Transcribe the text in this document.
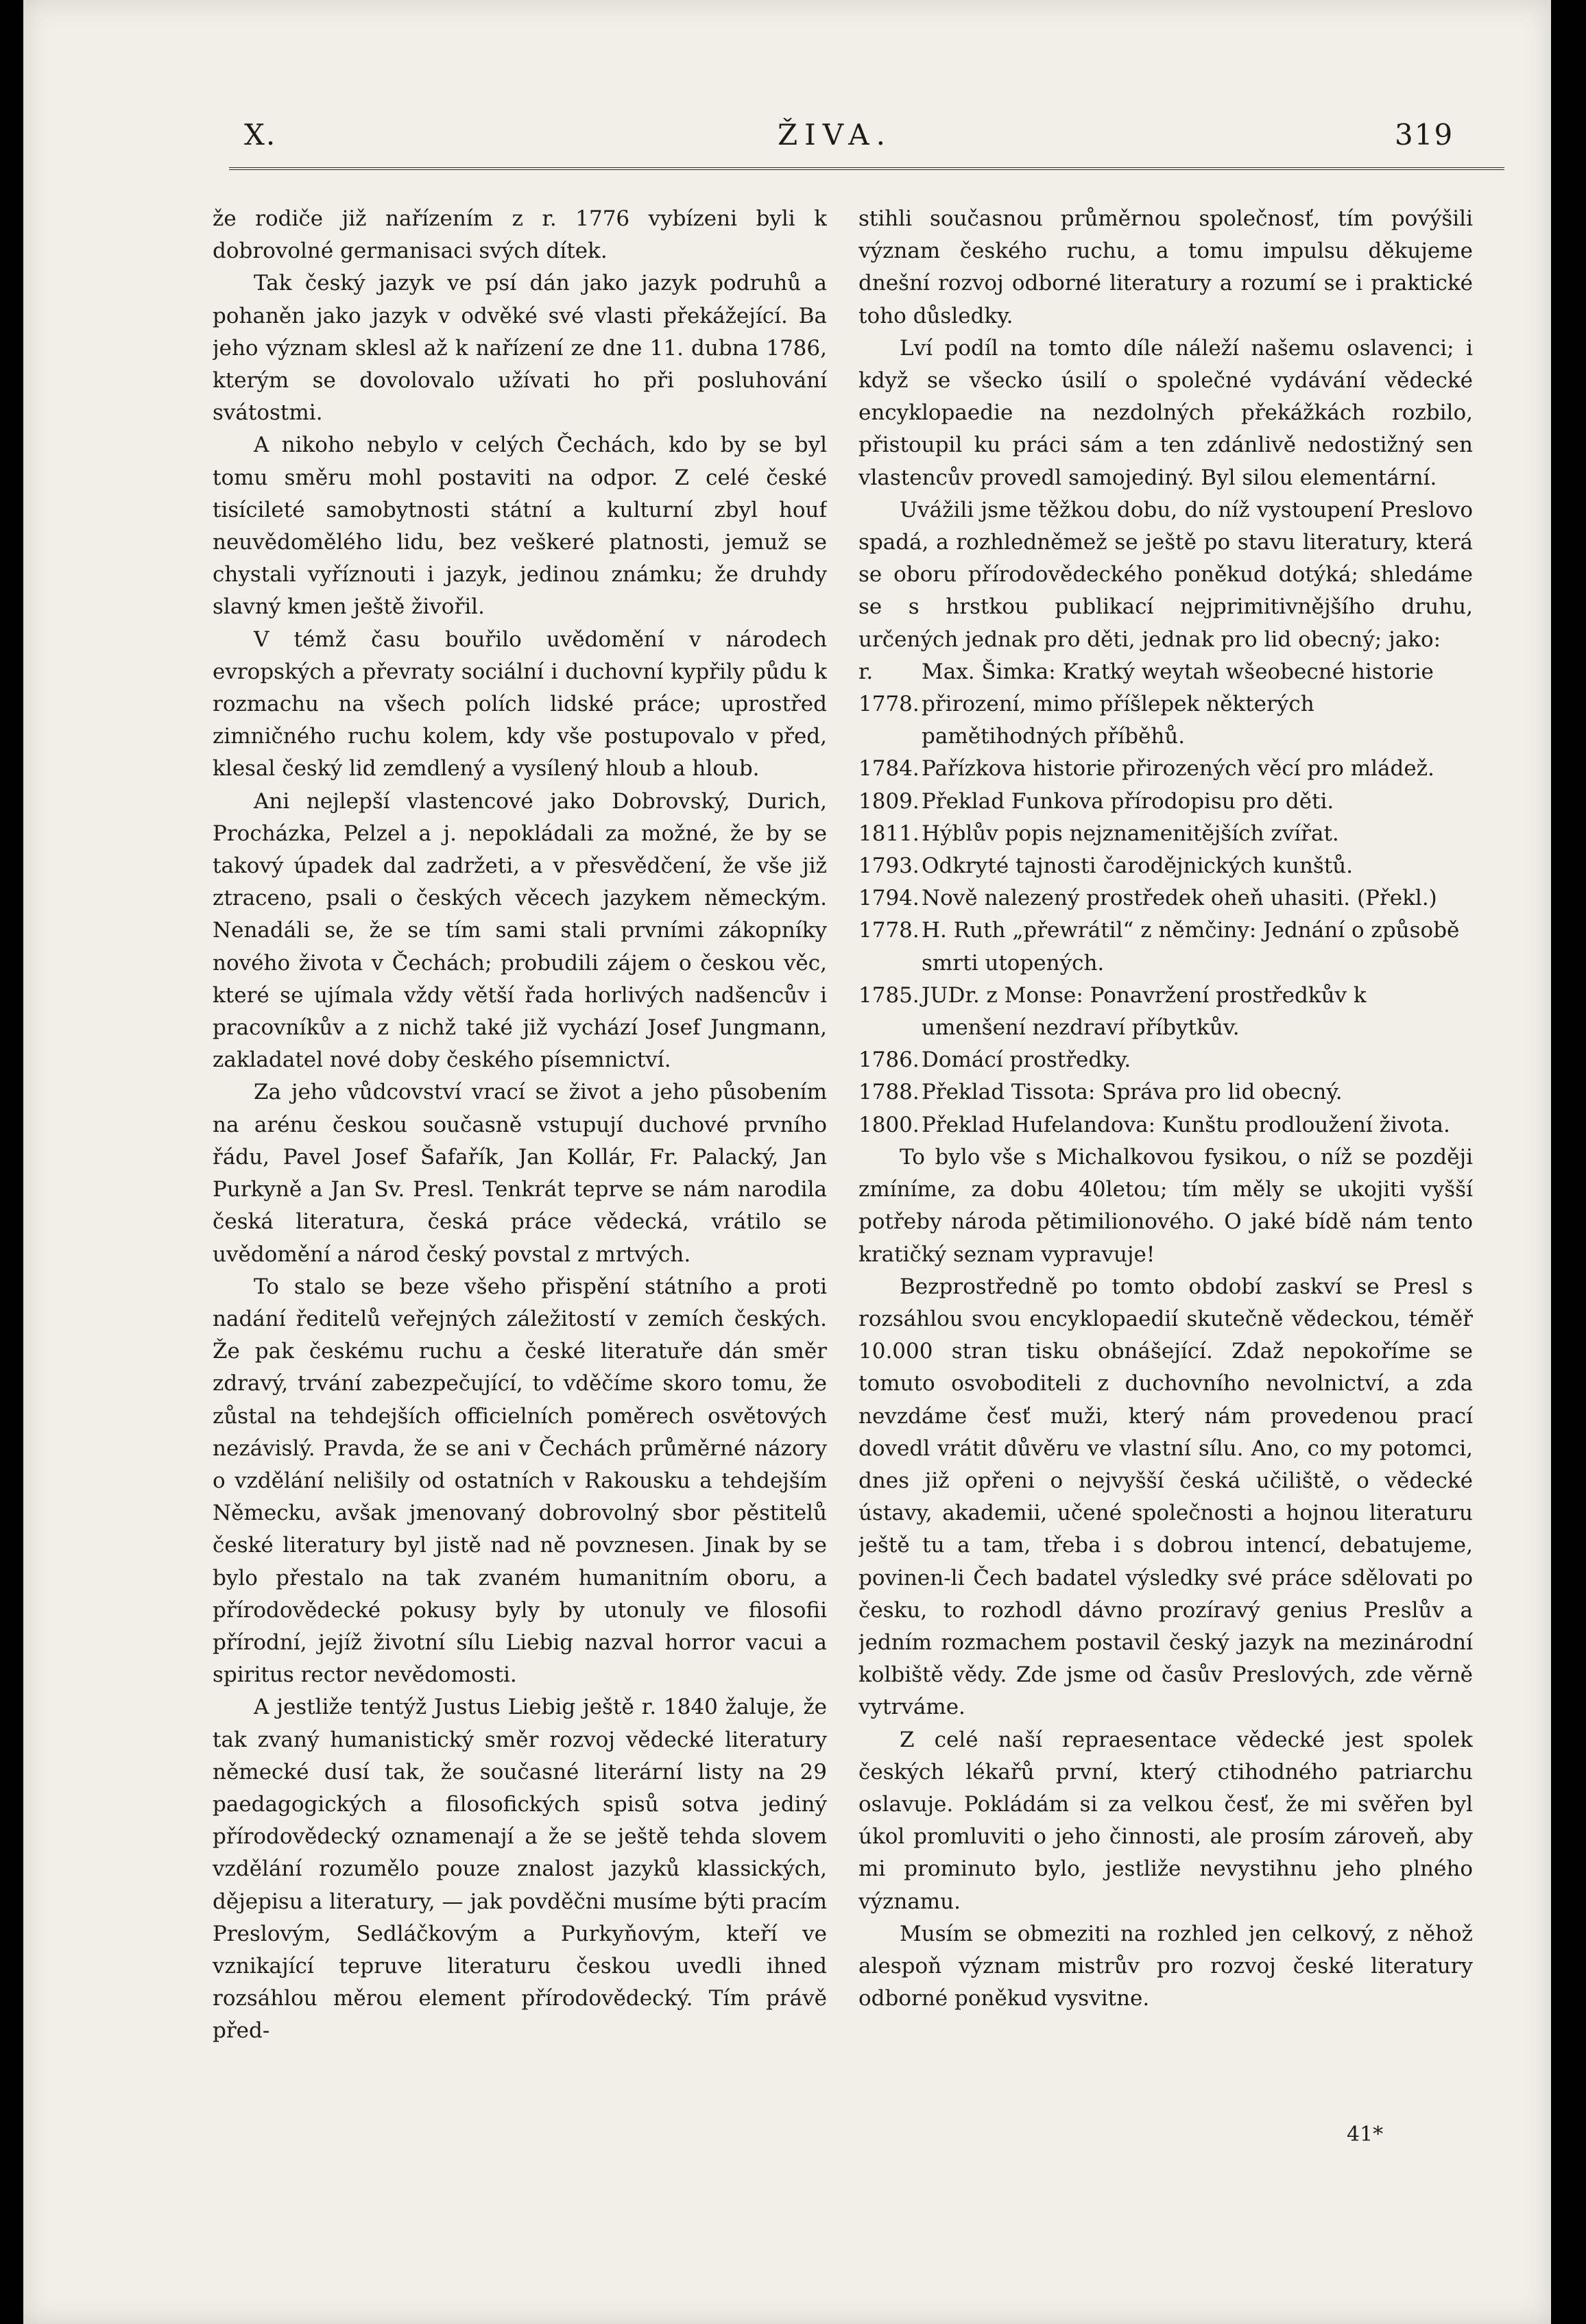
X.	ŽIVA.	319

že rodiče již nařízením z r. 1776 vybízeni byli k dobrovolné germanisaci svých dítek.

Tak český jazyk ve psí dán jako jazyk podruhů a pohaněn jako jazyk v odvěké své vlasti překážející. Ba jeho význam sklesl až k nařízení ze dne 11. dubna 1786, kterým se dovolovalo užívati ho při posluhování svátostmi.

A nikoho nebylo v celých Čechách, kdo by se byl tomu směru mohl postaviti na odpor. Z celé české tisícileté samobytnosti státní a kulturní zbyl houf neuvědomělého lidu, bez veškeré platnosti, jemuž se chystali vyříznouti i jazyk, jedinou známku; že druhdy slavný kmen ještě živořil.

V témž času bouřilo uvědomění v národech evropských a převraty sociální i duchovní kypřily půdu k rozmachu na všech polích lidské práce; uprostřed zimničného ruchu kolem, kdy vše postupovalo v před, klesal český lid zemdlený a vysílený hloub a hloub.

Ani nejlepší vlastencové jako Dobrovský, Durich, Procházka, Pelzel a j. nepokládali za možné, že by se takový úpadek dal zadržeti, a v přesvědčení, že vše již ztraceno, psali o českých věcech jazykem německým. Nenadáli se, že se tím sami stali prvními zákopníky nového života v Čechách; probudili zájem o českou věc, které se ujímala vždy větší řada horlivých nadšencův i pracovníkův a z nichž také již vychází Josef Jungmann, zakladatel nové doby českého písemnictví.

Za jeho vůdcovství vrací se život a jeho působením na arénu českou současně vstupují duchové prvního řádu, Pavel Josef Šafařík, Jan Kollár, Fr. Palacký, Jan Purkyně a Jan Sv. Presl. Tenkrát teprve se nám narodila česká literatura, česká práce vědecká, vrátilo se uvědomění a národ český povstal z mrtvých.

To stalo se beze všeho přispění státního a proti nadání ředitelů veřejných záležitostí v zemích českých. Že pak českému ruchu a české literatuře dán směr zdravý, trvání zabezpečující, to vděčíme skoro tomu, že zůstal na tehdejších officielních poměrech osvětových nezávislý. Pravda, že se ani v Čechách průměrné názory o vzdělání nelišily od ostatních v Rakousku a tehdejším Německu, avšak jmenovaný dobrovolný sbor pěstitelů české literatury byl jistě nad ně povznesen. Jinak by se bylo přestalo na tak zvaném humanitním oboru, a přírodovědecké pokusy byly by utonuly ve filosofii přírodní, jejíž životní sílu Liebig nazval horror vacui a spiritus rector nevědomosti.

A jestliže tentýž Justus Liebig ještě r. 1840 žaluje, že tak zvaný humanistický směr rozvoj vědecké literatury německé dusí tak, že současné literární listy na 29 paedagogických a filosofických spisů sotva jediný přírodovědecký oznamenají a že se ještě tehda slovem vzdělání rozumělo pouze znalost jazyků klassických, dějepisu a literatury, — jak povděčni musíme býti pracím Preslovým, Sedláčkovým a Purkyňovým, kteří ve vznikající tepruve literaturu českou uvedli ihned rozsáhlou měrou element přírodovědecký. Tím právě před-

stihli současnou průměrnou společnosť, tím povýšili význam českého ruchu, a tomu impulsu děkujeme dnešní rozvoj odborné literatury a rozumí se i praktické toho důsledky.

Lví podíl na tomto díle náleží našemu oslavenci; i když se všecko úsilí o společné vydávání vědecké encyklopaedie na nezdolných překážkách rozbilo, přistoupil ku práci sám a ten zdánlivě nedostižný sen vlastencův provedl samojediný. Byl silou elementární.

Uvážili jsme těžkou dobu, do níž vystoupení Preslovo spadá, a rozhledněmež se ještě po stavu literatury, která se oboru přírodovědeckého poněkud dotýká; shledáme se s hrstkou publikací nejprimitivnějšího druhu, určených jednak pro děti, jednak pro lid obecný; jako:

r. 1778.
Max. Šimka: Kratký weytah wšeobecné historie přirození, mimo příšlepek některých pamětihodných příběhů.
1784. Pařízkova historie přirozených věcí pro mládež.
1809. Překlad Funkova přírodopisu pro děti.
1811. Hýblův popis nejznamenitějších zvířat.
1793. Odkryté tajnosti čarodějnických kunštů.
1794. Nově nalezený prostředek oheň uhasiti. (Překl.)
1778. H. Ruth „přewrátil“ z němčiny: Jednání o způsobě smrti utopených.
1785. JUDr. z Monse: Ponavržení prostředkův k umenšení nezdraví příbytkův.
1786. Domácí prostředky.
1788. Překlad Tissota: Správa pro lid obecný.
1800. Překlad Hufelandova: Kunštu prodloužení života.

To bylo vše s Michalkovou fysikou, o níž se později zmíníme, za dobu 40letou; tím měly se ukojiti vyšší potřeby národa pětimilionového. O jaké bídě nám tento kratičký seznam vypravuje!

Bezprostředně po tomto období zaskví se Presl s rozsáhlou svou encyklopaedií skutečně vědeckou, téměř 10.000 stran tisku obnášející. Zdaž nepokoříme se tomuto osvoboditeli z duchovního nevolnictví, a zda nevzdáme česť muži, který nám provedenou prací dovedl vrátit důvěru ve vlastní sílu. Ano, co my potomci, dnes již opřeni o nejvyšší česká učiliště, o vědecké ústavy, akademii, učené společnosti a hojnou literaturu ještě tu a tam, třeba i s dobrou intencí, debatujeme, povinen-li Čech badatel výsledky své práce sdělovati po česku, to rozhodl dávno prozíravý genius Preslův a jedním rozmachem postavil český jazyk na mezinárodní kolbiště vědy. Zde jsme od časův Preslových, zde věrně vytrváme.

Z celé naší repraesentace vědecké jest spolek českých lékařů první, který ctihodného patriarchu oslavuje. Pokládám si za velkou česť, že mi svěřen byl úkol promluviti o jeho činnosti, ale prosím zároveň, aby mi prominuto bylo, jestliže nevystihnu jeho plného významu.

Musím se obmeziti na rozhled jen celkový, z něhož alespoň význam mistrův pro rozvoj české literatury odborné poněkud vysvitne.

41*
